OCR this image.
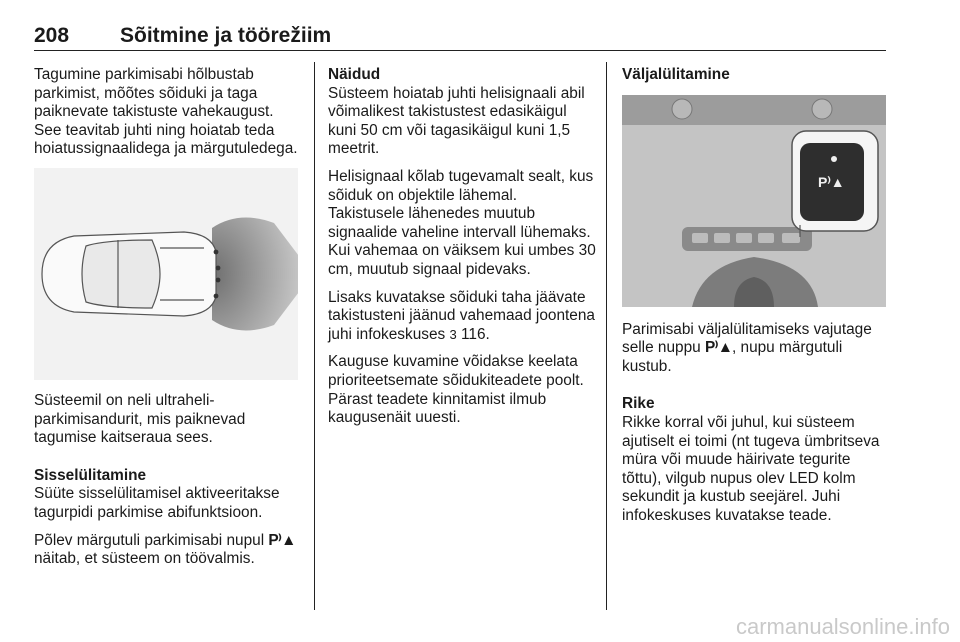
208 Sõitmine ja töörežiim

Tagumine parkimisabi hõlbustab parkimist, mõõtes sõiduki ja taga paiknevate takistuste vahekaugust. See teavitab juhti ning hoiatab teda hoiatussignaalidega ja märgutuledega.

Süsteemil on neli ultraheli-parkimisandurit, mis paiknevad tagumise kaitseraua sees.

Sisselülitamine

Süüte sisselülitamisel aktiveeritakse tagurpidi parkimise abifunktsioon.

Põlev märgutuli parkimisabi nupul P⁾▲ näitab, et süsteem on töövalmis.

Näidud

Süsteem hoiatab juhti helisignaali abil võimalikest takistustest edasikäigul kuni 50 cm või tagasikäigul kuni 1,5 meetrit.

Helisignaal kõlab tugevamalt sealt, kus sõiduk on objektile lähemal. Takistusele lähenedes muutub signaalide vaheline intervall lühemaks. Kui vahemaa on väiksem kui umbes 30 cm, muutub signaal pidevaks.

Lisaks kuvatakse sõiduki taha jäävate takistusteni jäänud vahemaad joontena juhi infokeskuses 3 116.

Kauguse kuvamine võidakse keelata prioriteetsemate sõidukiteadete poolt. Pärast teadete kinnitamist ilmub kaugusenäit uuesti.

Väljalülitamine

P⁾▲

Parimisabi väljalülitamiseks vajutage selle nuppu P⁾▲, nupu märgutuli kustub.

Rike

Rikke korral või juhul, kui süsteem ajutiselt ei toimi (nt tugeva ümbritseva müra või muude häirivate tegurite tõttu), vilgub nupus olev LED kolm sekundit ja kustub seejärel. Juhi infokeskuses kuvatakse teade.

carmanualsonline.info
